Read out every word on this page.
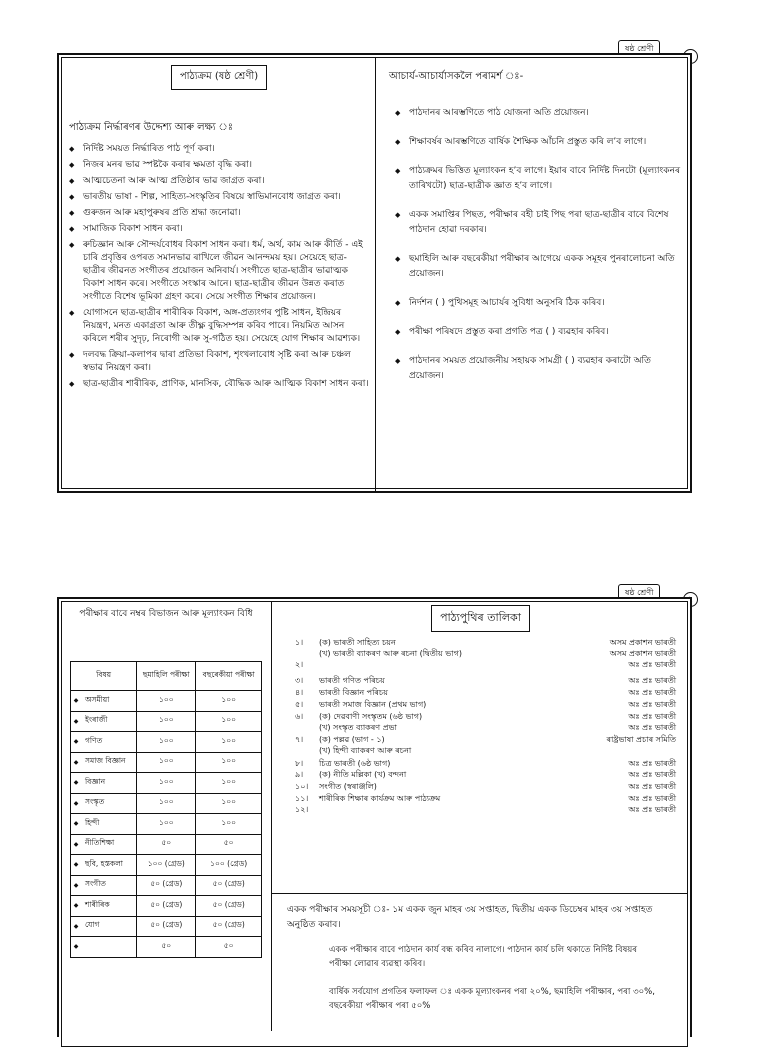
ষষ্ঠ শ্ৰেণী
পাঠ্যক্ৰম (ষষ্ঠ শ্ৰেণী)
পাঠ্যক্ৰম নিৰ্দ্ধাৰণৰ উদ্দেশ্য আৰু লক্ষ্য ঃ
◆ নিৰ্দিষ্ট সময়ত নিৰ্দ্ধাৰিত পাঠ পূৰ্ণ কৰা।
◆ নিজৰ মনৰ ভাৱ স্পষ্টকৈ কৰাৰ ক্ষমতা বৃদ্ধি কৰা।
◆ আত্মচেতনা আৰু আত্ম প্ৰতিষ্ঠাৰ ভাৱ জাগ্ৰত কৰা।
◆ ভাৰতীয় ভাষা - শিল্প, সাহিত্য-সংস্কৃতিৰ বিষয়ে স্বাভিমানবোধ জাগ্ৰত কৰা।
◆ গুৰুজন আৰু মহাপুৰুষৰ প্ৰতি শ্ৰদ্ধা জনোৱা।
◆ সামাজিক বিকাশ সাধন কৰা।
◆ ৰুচিজ্ঞান আৰু সৌন্দৰ্যবোধৰ বিকাশ সাধন কৰা। ধৰ্ম, অৰ্থ, কাম আৰু কীৰ্তি - এই চাৰি প্ৰবৃত্তিৰ ওপৰত সমানভাৱ ৰাখিলে জীৱন আনন্দময় হয়। সেয়েহে ছাত্ৰ-ছাত্ৰীৰ জীৱনত সংগীতৰ প্ৰয়োজন অনিবাৰ্য। সংগীতে ছাত্ৰ-ছাত্ৰীৰ ভাৱাত্মক বিকাশ সাধন কৰে। সংগীতে সংস্কাৰ আনে। ছাত্ৰ-ছাত্ৰীৰ জীৱন উন্নত কৰাত সংগীতে বিশেষ ভূমিকা গ্ৰহণ কৰে। সেয়ে সংগীত শিক্ষাৰ প্ৰয়োজন।
◆ যোগাসনে ছাত্ৰ-ছাত্ৰীৰ শাৰীৰিক বিকাশ, অঙ্গ-প্ৰত্যংগৰ পুষ্টি সাধন, ইন্দ্ৰিয়ৰ নিয়ন্ত্ৰণ, মনত একাগ্ৰতা আৰু তীক্ষ্ণ বুদ্ধিসম্পন্ন কৰিব পাৰে। নিয়মিত আসন কৰিলে শৰীৰ সুদৃঢ়, নিৰোগী আৰু সু-গঠিত হয়। সেয়েহে যোগ শিক্ষাৰ আৱশ্যক।
◆ দলবদ্ধ ক্ৰিয়া-কলাপৰ দ্বাৰা প্ৰতিভা বিকাশ, শৃংখলাবোধ সৃষ্টি কৰা আৰু চঞ্চল স্বভাৱ নিয়ন্ত্ৰণ কৰা।
◆ ছাত্ৰ-ছাত্ৰীৰ শাৰীৰিক, প্ৰাণিক, মানসিক, বৌদ্ধিক আৰু আত্মিক বিকাশ সাধন কৰা।
আচাৰ্য-আচাৰ্যাসকলৈ পৰামৰ্শ ঃ-
◆ পাঠদানৰ আৰম্ভণিতে পাঠ যোজনা অতি প্ৰয়োজন।
◆ শিক্ষাবৰ্ষৰ আৰম্ভণিতে বাৰ্ষিক শৈক্ষিক আঁচনি প্ৰস্তুত কৰি ল’ব লাগে।
◆ পাঠ্যক্ৰমৰ ভিত্তিত মূল্যাংকন হ’ব লাগে। ইয়াৰ বাবে নিৰ্দিষ্ট দিনটো (মূল্যাংকনৰ তাৰিখটো) ছাত্ৰ-ছাত্ৰীক জ্ঞাত হ’ব লাগে।
◆ একক সমাপ্তিৰ পিছত, পৰীক্ষাৰ বহী চাই পিছ পৰা ছাত্ৰ-ছাত্ৰীৰ বাবে বিশেষ পাঠদান হোৱা দৰকাৰ।
◆ ছমাহিলি আৰু বছৰেকীয়া পৰীক্ষাৰ আগেয়ে একক সমূহৰ পুনৰালোচনা অতি প্ৰয়োজন।
◆ নিৰ্দশন ( ) পুথিসমূহ আচাৰ্যৰ সুবিধা অনুসৰি ঠিক কৰিব।
◆ পৰীক্ষা পৰিষদে প্ৰস্তুত কৰা প্ৰগতি পত্ৰ ( ) ব্যৱহাৰ কৰিব।
◆ পাঠদানৰ সময়ত প্ৰয়োজনীয় সহায়ক সামগ্ৰী ( ) ব্যৱহাৰ কৰাটো অতি প্ৰয়োজন।
ষষ্ঠ শ্ৰেণী
পৰীক্ষাৰ বাবে নম্বৰ বিভাজন আৰু মূল্যাংকন বিধি
বিষয়		ছমাহিলি পৰীক্ষা	বছৰেকীয়া পৰীক্ষা
◆	অসমীয়া	১০০	১০০
◆	ইংৰাজী	১০০	১০০
◆	গণিত	১০০	১০০
◆	সমাজ বিজ্ঞান	১০০	১০০
◆	বিজ্ঞান	১০০	১০০
◆	সংস্কৃত	১০০	১০০
◆	হিন্দী	১০০	১০০
◆	নীতিশিক্ষা	৫০	৫০
◆	ছবি, হস্তকলা	১০০ (গ্ৰেড)	১০০ (গ্ৰেড)
◆	সংগীত	৫০ (গ্ৰেড)	৫০ (গ্ৰেড)
◆	শাৰীৰিক	৫০ (গ্ৰেড)	৫০ (গ্ৰেড)
◆	যোগ	৫০ (গ্ৰেড)	৫০ (গ্ৰেড)
◆		৫০	৫০
পাঠ্যপুথিৰ তালিকা
১। (ক) ভাৰতী সাহিত্য চয়ন	অসম প্ৰকাশন ভাৰতী
(খ) ভাৰতী ব্যাকৰণ আৰু ৰচনা (দ্বিতীয় ভাগ)	অসম প্ৰকাশন ভাৰতী
২।	অঃ প্ৰঃ ভাৰতী
৩। ভাৰতী গণিত পৰিচয়	অঃ প্ৰঃ ভাৰতী
৪। ভাৰতী বিজ্ঞান পৰিচয়	অঃ প্ৰঃ ভাৰতী
৫। ভাৰতী সমাজ বিজ্ঞান (প্ৰথম ভাগ)	অঃ প্ৰঃ ভাৰতী
৬। (ক) দেৱবাণী সংস্কৃতম (৬ষ্ঠ ভাগ)	অঃ প্ৰঃ ভাৰতী
(খ) সংস্কৃত ব্যাকৰণ প্ৰভা	অঃ প্ৰঃ ভাৰতী
৭। (ক) পল্লৱ (ভাগ - ১)	ৰাষ্ট্ৰভাষা প্ৰচাৰ সমিতি
(খ) হিন্দী ব্যাকৰণ আৰু ৰচনা
৮। চিত্ৰ ভাৰতী (৬ষ্ঠ ভাগ)	অঃ প্ৰঃ ভাৰতী
৯। (ক) নীতি মল্লিকা (খ) বন্দনা	অঃ প্ৰঃ ভাৰতী
১০। সংগীত (স্বৰাঞ্জলি)	অঃ প্ৰঃ ভাৰতী
১১। শাৰীৰিক শিক্ষাৰ কাৰ্যক্ৰম আৰু পাঠ্যক্ৰম	অঃ প্ৰঃ ভাৰতী
১২।	অঃ প্ৰঃ ভাৰতী
একক পৰীক্ষাৰ সময়সূচী ঃ- ১ম একক জুন মাহৰ ৩য় সপ্তাহত, দ্বিতীয় একক ডিচেম্বৰ মাহৰ ৩য় সপ্তাহত অনুষ্ঠিত কৰাব।
একক পৰীক্ষাৰ বাবে পাঠদান কাৰ্য বন্ধ কৰিব নালাগে। পাঠদান কাৰ্য চলি থকাতে নিৰ্দিষ্ট বিষয়ৰ পৰীক্ষা লোৱাৰ ব্যৱস্থা কৰিব।
বাৰ্ষিক সৰ্বযোগ প্ৰগতিৰ ফলাফল ঃ একক মূল্যাংকনৰ পৰা ২০%, ছমাহিলি পৰীক্ষাৰ, পৰা ৩০%, বছৰেকীয়া পৰীক্ষাৰ পৰা ৫০%
